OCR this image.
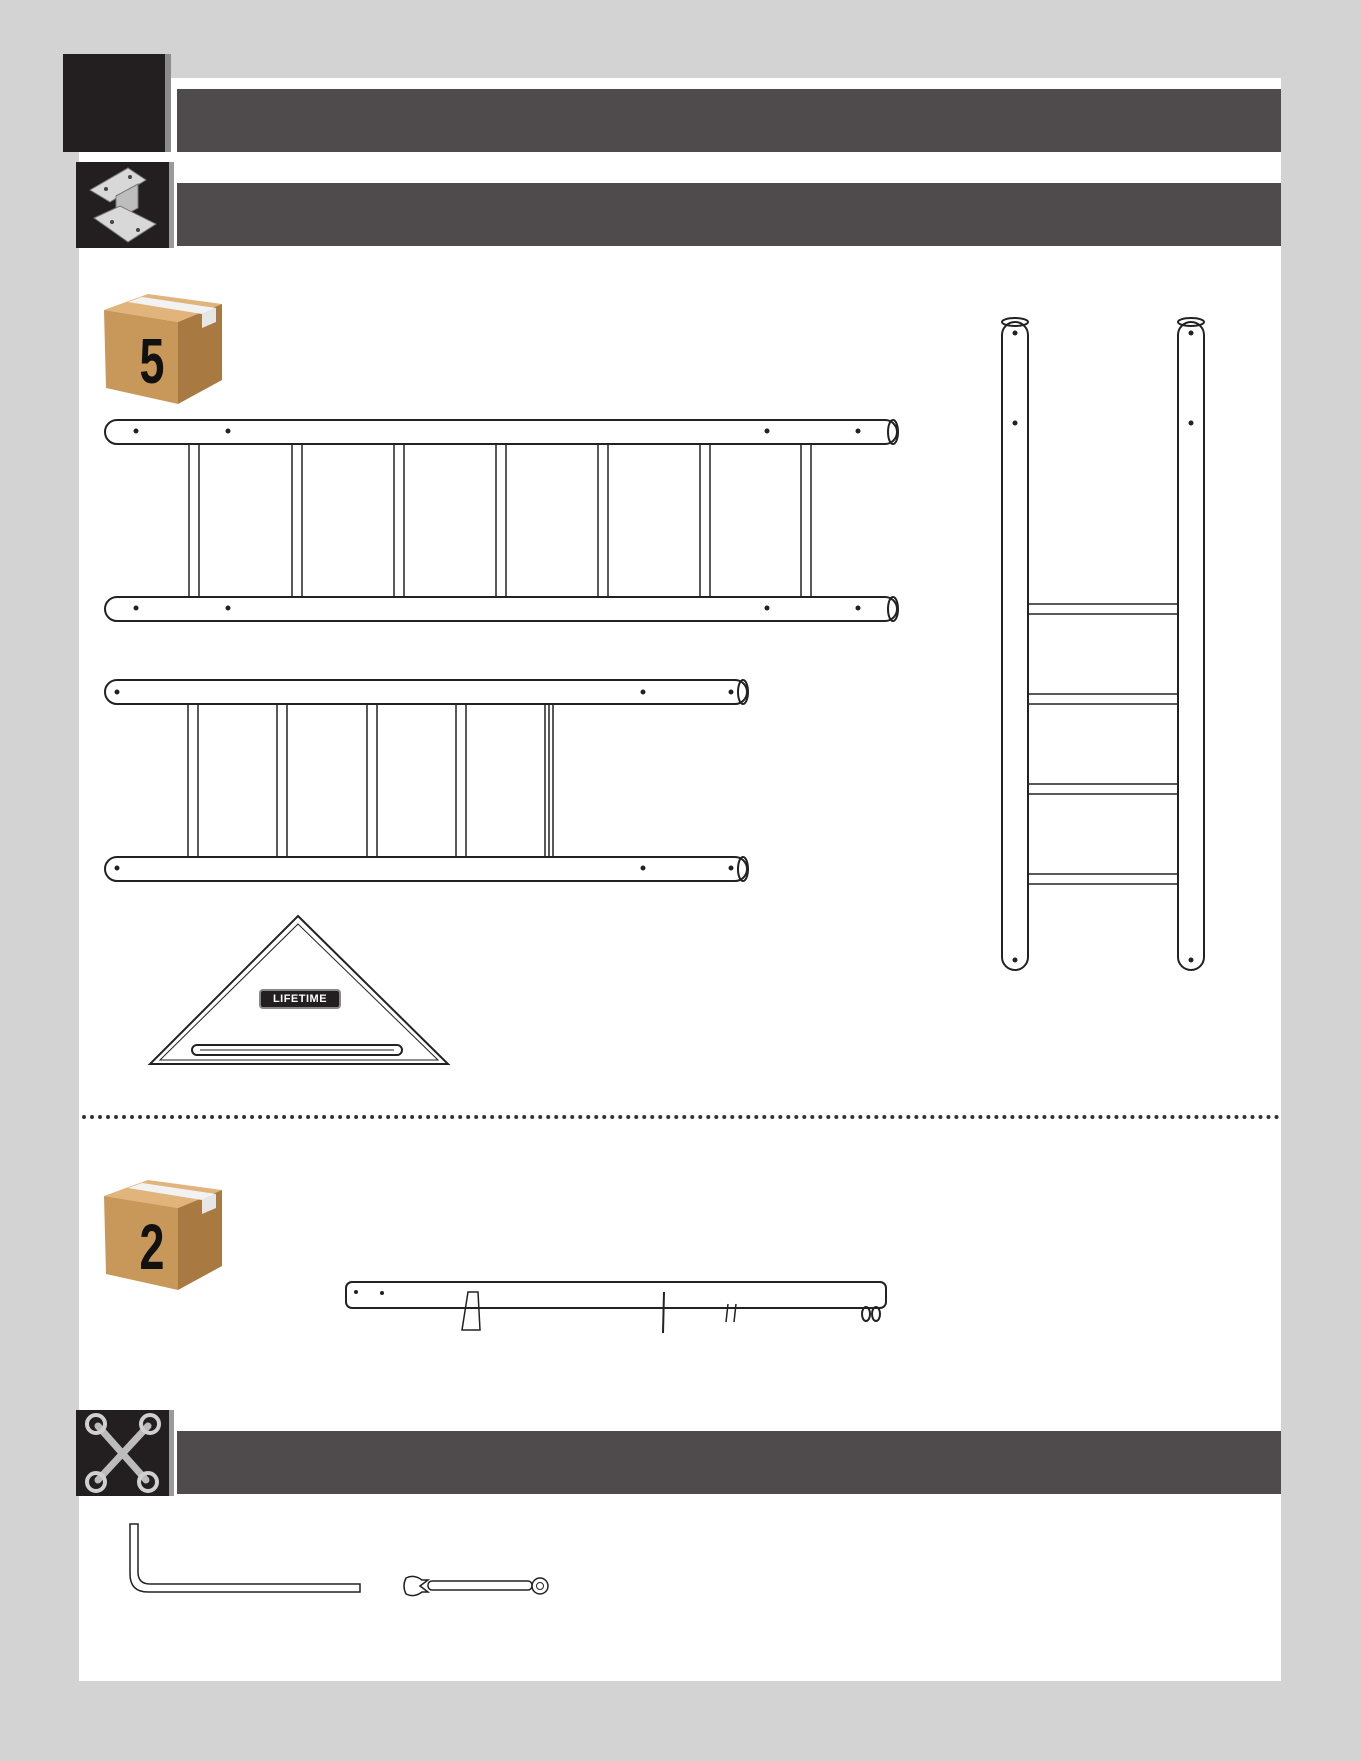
5
2
LIFETIME
